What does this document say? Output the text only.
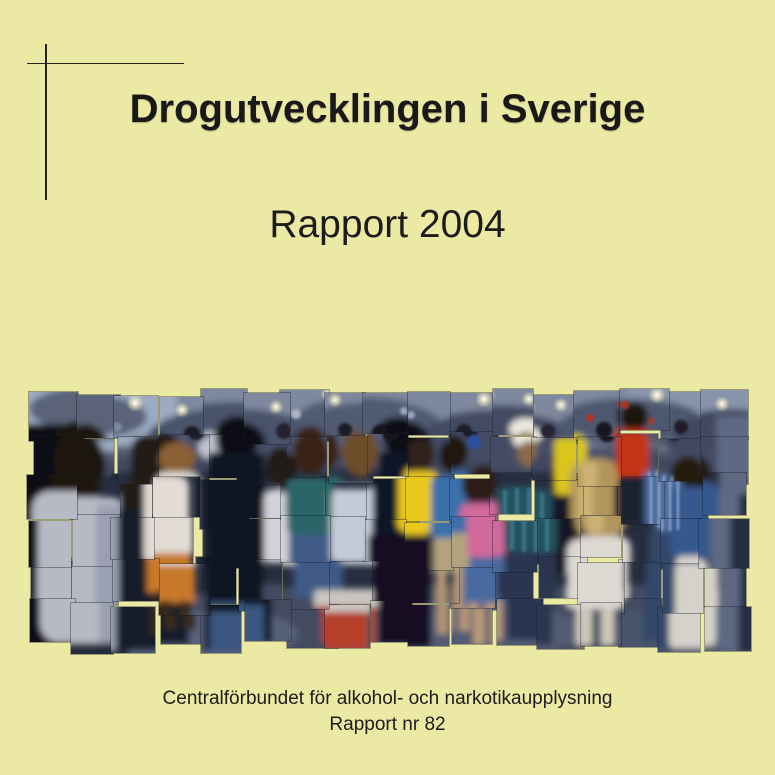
Drogutvecklingen i Sverige
Rapport 2004
Centralförbundet för alkohol- och narkotikaupplysning
Rapport nr 82
